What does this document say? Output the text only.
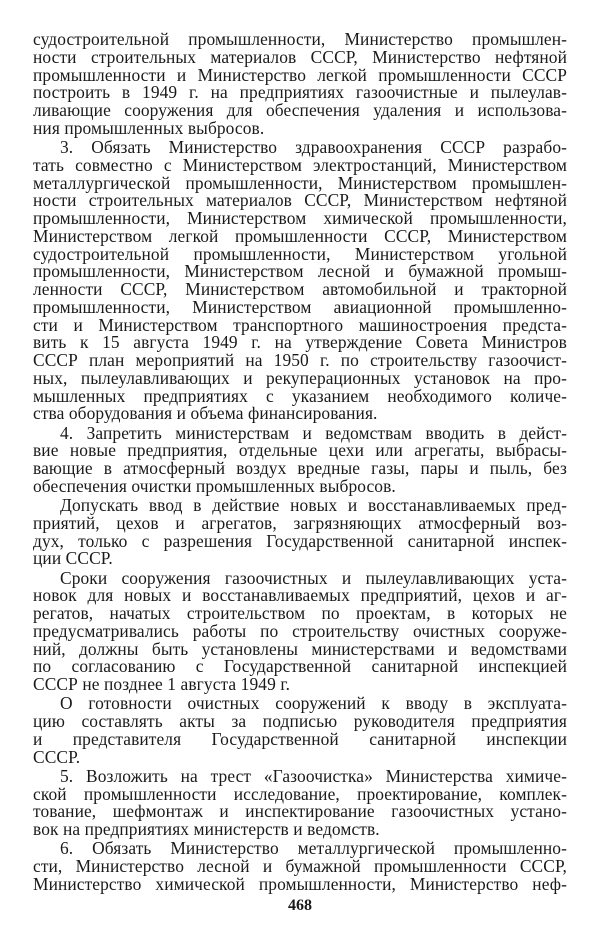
судостроительной промышленности, Министерство промышлен-
ности строительных материалов СССР, Министерство нефтяной
промышленности и Министерство легкой промышленности СССР
построить в 1949 г. на предприятиях газоочистные и пылеулав-
ливающие сооружения для обеспечения удаления и использова-
ния промышленных выбросов.
3. Обязать Министерство здравоохранения СССР разрабо-
тать совместно с Министерством электростанций, Министерством
металлургической промышленности, Министерством промышлен-
ности строительных материалов СССР, Министерством нефтяной
промышленности, Министерством химической промышленности,
Министерством легкой промышленности СССР, Министерством
судостроительной промышленности, Министерством угольной
промышленности, Министерством лесной и бумажной промыш-
ленности СССР, Министерством автомобильной и тракторной
промышленности, Министерством авиационной промышленно-
сти и Министерством транспортного машиностроения предста-
вить к 15 августа 1949 г. на утверждение Совета Министров
СССР план мероприятий на 1950 г. по строительству газоочист-
ных, пылеулавливающих и рекуперационных установок на про-
мышленных предприятиях с указанием необходимого количе-
ства оборудования и объема финансирования.
4. Запретить министерствам и ведомствам вводить в дейст-
вие новые предприятия, отдельные цехи или агрегаты, выбрасы-
вающие в атмосферный воздух вредные газы, пары и пыль, без
обеспечения очистки промышленных выбросов.
Допускать ввод в действие новых и восстанавливаемых пред-
приятий, цехов и агрегатов, загрязняющих атмосферный воз-
дух, только с разрешения Государственной санитарной инспек-
ции СССР.
Сроки сооружения газоочистных и пылеулавливающих уста-
новок для новых и восстанавливаемых предприятий, цехов и аг-
регатов, начатых строительством по проектам, в которых не
предусматривались работы по строительству очистных сооруже-
ний, должны быть установлены министерствами и ведомствами
по согласованию с Государственной санитарной инспекцией
СССР не позднее 1 августа 1949 г.
О готовности очистных сооружений к вводу в эксплуата-
цию составлять акты за подписью руководителя предприятия
и представителя Государственной санитарной инспекции
СССР.
5. Возложить на трест «Газоочистка» Министерства химиче-
ской промышленности исследование, проектирование, комплек-
тование, шефмонтаж и инспектирование газоочистных устано-
вок на предприятиях министерств и ведомств.
6. Обязать Министерство металлургической промышленно-
сти, Министерство лесной и бумажной промышленности СССР,
Министерство химической промышленности, Министерство неф-
468
